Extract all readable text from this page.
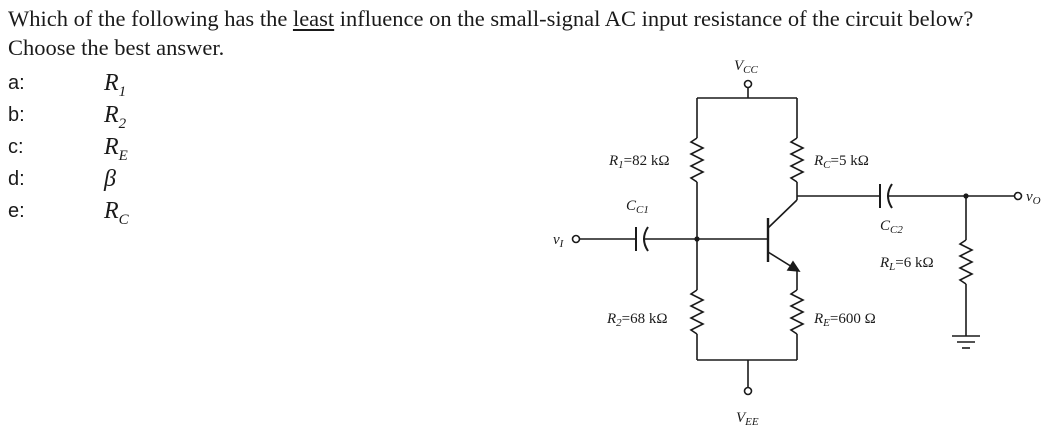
Which of the following has the least influence on the small-signal AC input resistance of the circuit below? Choose the best answer.
a:	$R_1$
b:	$R_2$
c:	$R_E$
d:	β
e:	$R_C$
$V_{CC}$
$V_{EE}$
$v_I$
$v_O$
$C_{C1}$
$C_{C2}$
$R_1=82$ kΩ
$R_2=68$ kΩ
$R_C=5$ kΩ
$R_E=600$ Ω
$R_L=6$ kΩ
